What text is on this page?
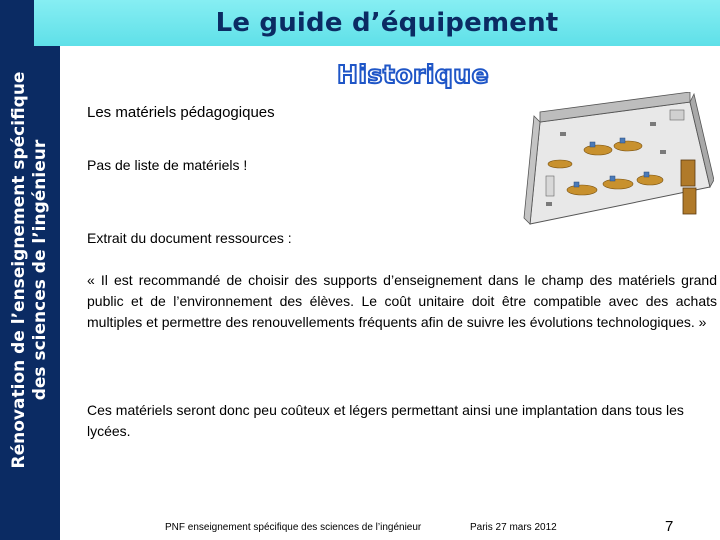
Rénovation de l’enseignement spécifique des sciences de l’ingénieur
Le guide d’équipement
Historique
Les matériels pédagogiques
Pas de liste de matériels !
Extrait du document ressources :
« Il est recommandé de choisir des supports d’enseignement dans le champ des matériels grand public et de l’environnement des élèves. Le coût unitaire doit être compatible avec des achats multiples et permettre des renouvellements fréquents afin de suivre les évolutions technologiques. »
Ces matériels seront donc peu coûteux et légers permettant ainsi une implantation dans tous les lycées.
PNF enseignement spécifique des sciences de l’ingénieur	Paris 27 mars 2012	7
